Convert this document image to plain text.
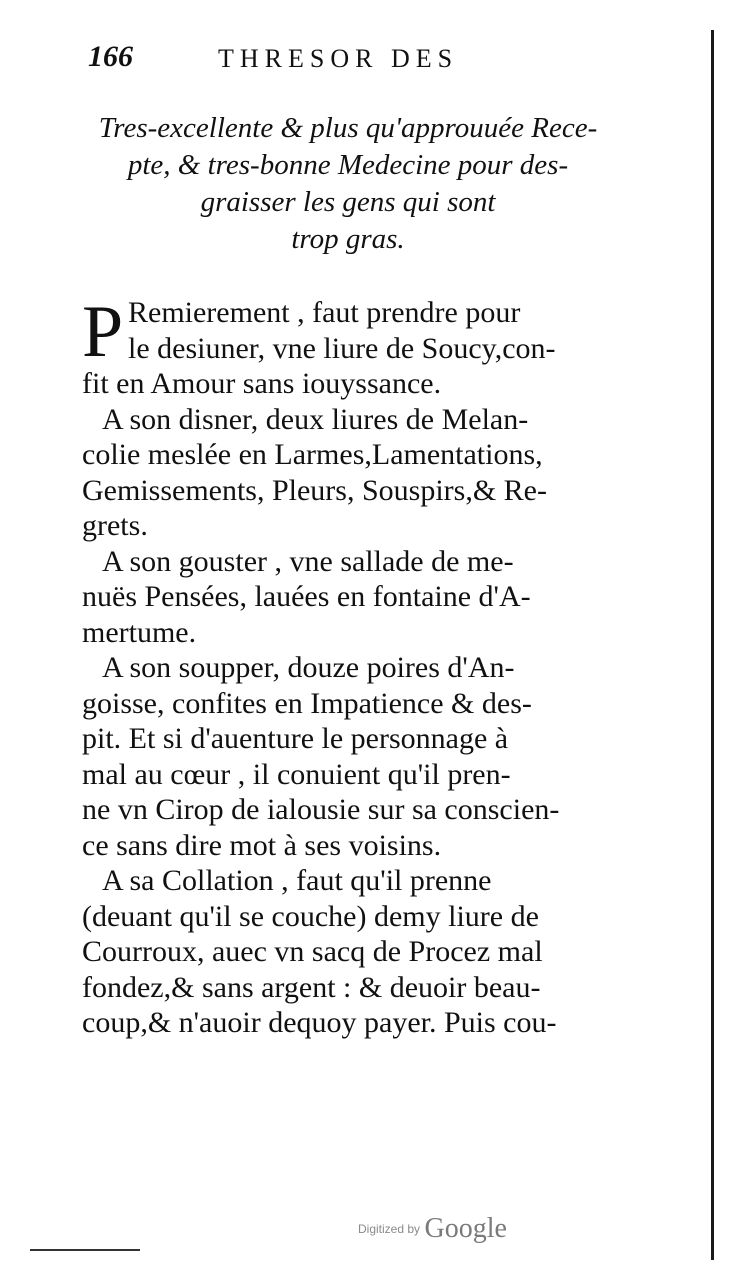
166	THRESOR DES
Tres-excellente & plus qu'approuuée Rece-
pte, & tres-bonne Medecine pour des-
graisser les gens qui sont
trop gras.
P Remierement , faut prendre pour
le desiuner, vne liure de Soucy,con-
fit en Amour sans iouyssance.
A son disner, deux liures de Melan-
colie meslée en Larmes,Lamentations,
Gemissements, Pleurs, Souspirs,& Re-
grets.
A son gouster , vne sallade de me-
nuës Pensées, lauées en fontaine d'A-
mertume.
A son soupper, douze poires d'An-
goisse, confites en Impatience & des-
pit. Et si d'auenture le personnage à
mal au cœur , il conuient qu'il pren-
ne vn Cirop de ialousie sur sa conscien-
ce sans dire mot à ses voisins.
A sa Collation , faut qu'il prenne
(deuant qu'il se couche) demy liure de
Courroux, auec vn sacq de Procez mal
fondez,& sans argent : & deuoir beau-
coup,& n'auoir dequoy payer. Puis cou-
Digitized by Google
